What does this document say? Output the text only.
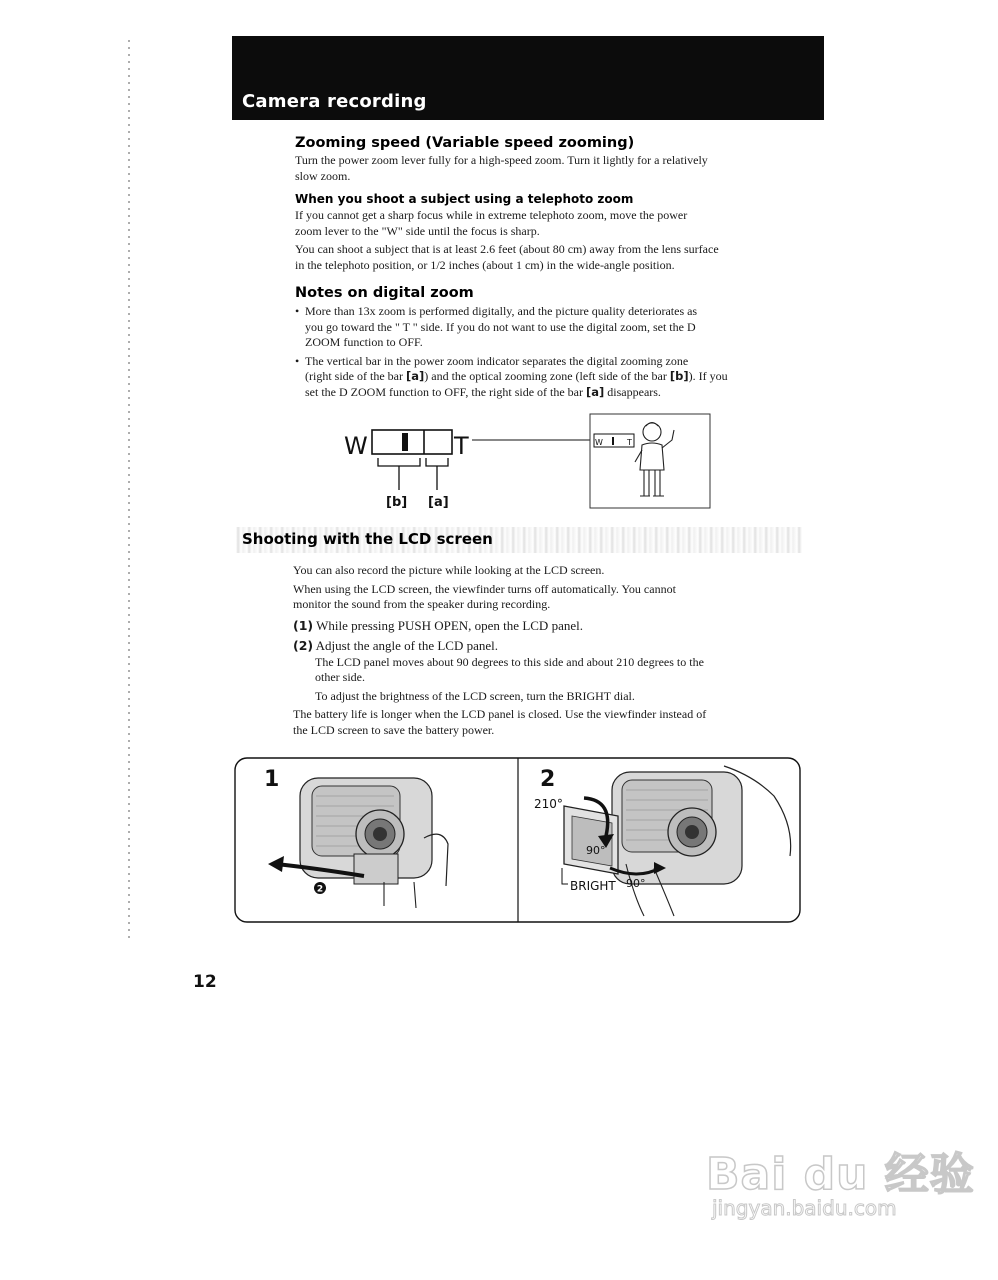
Camera recording
Zooming speed (Variable speed zooming)
Turn the power zoom lever fully for a high-speed zoom. Turn it lightly for a relatively
slow zoom.
When you shoot a subject using a telephoto zoom
If you cannot get a sharp focus while in extreme telephoto zoom, move the power
zoom lever to the "W" side until the focus is sharp.
You can shoot a subject that is at least 2.6 feet (about 80 cm) away from the lens surface
in the telephoto position, or 1/2 inches (about 1 cm) in the wide-angle position.
Notes on digital zoom
• More than 13x zoom is performed digitally, and the picture quality deteriorates as
you go toward the " T " side. If you do not want to use the digital zoom, set the D
ZOOM function to OFF.
• The vertical bar in the power zoom indicator separates the digital zooming zone
(right side of the bar [a]) and the optical zooming zone (left side of the bar [b]). If you
set the D ZOOM function to OFF, the right side of the bar [a] disappears.
W	T
[b] [a]
W	T
Shooting with the LCD screen
You can also record the picture while looking at the LCD screen.
When using the LCD screen, the viewfinder turns off automatically. You cannot
monitor the sound from the speaker during recording.
(1) While pressing PUSH OPEN, open the LCD panel.
(2) Adjust the angle of the LCD panel.
The LCD panel moves about 90 degrees to this side and about 210 degrees to the
other side.
To adjust the brightness of the LCD screen, turn the BRIGHT dial.
The battery life is longer when the LCD panel is closed. Use the viewfinder instead of
the LCD screen to save the battery power.
1
2
2
210°
90°
BRIGHT 90°
12
Bai du 经验
jingyan.baidu.com
